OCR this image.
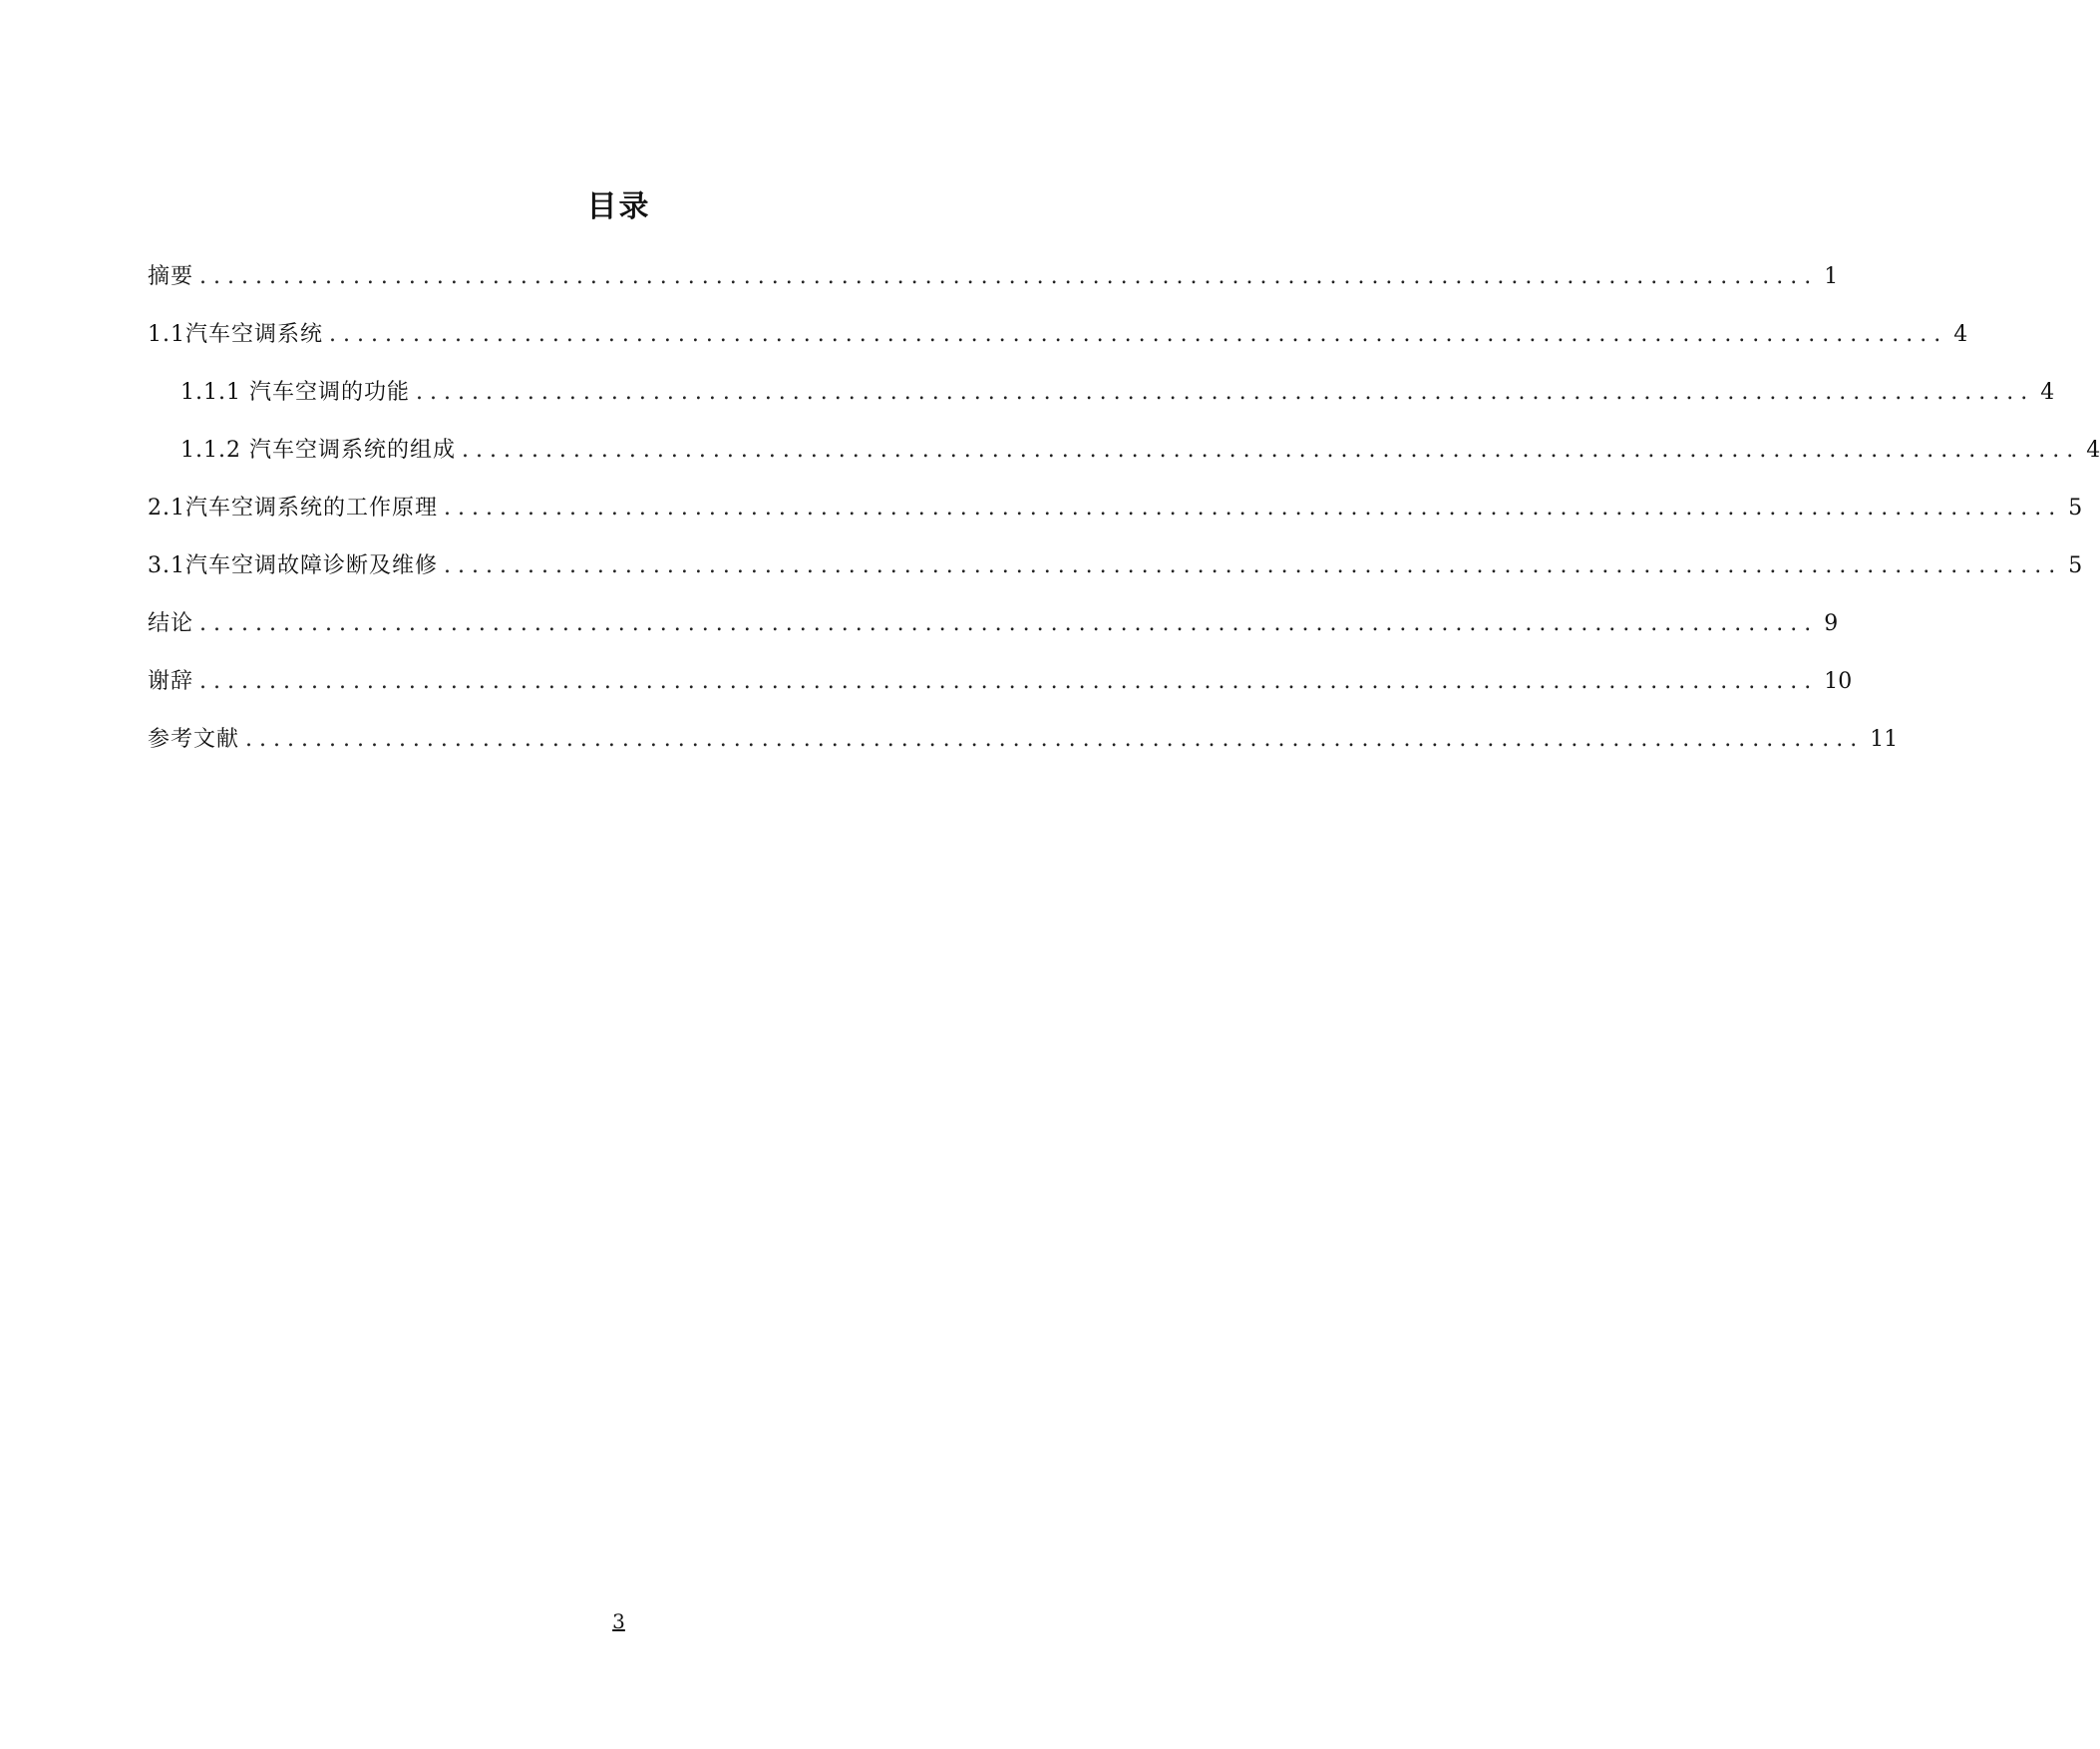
目录
摘要 .................................................................................................................... 1
1.1汽车空调系统 .................................................................................................................... 4
1.1.1 汽车空调的功能 .................................................................................................................... 4
1.1.2 汽车空调系统的组成 .................................................................................................................... 4
2.1汽车空调系统的工作原理 .................................................................................................................... 5
3.1汽车空调故障诊断及维修 .................................................................................................................... 5
结论 .................................................................................................................... 9
谢辞 .................................................................................................................... 10
参考文献 .................................................................................................................... 11
3
